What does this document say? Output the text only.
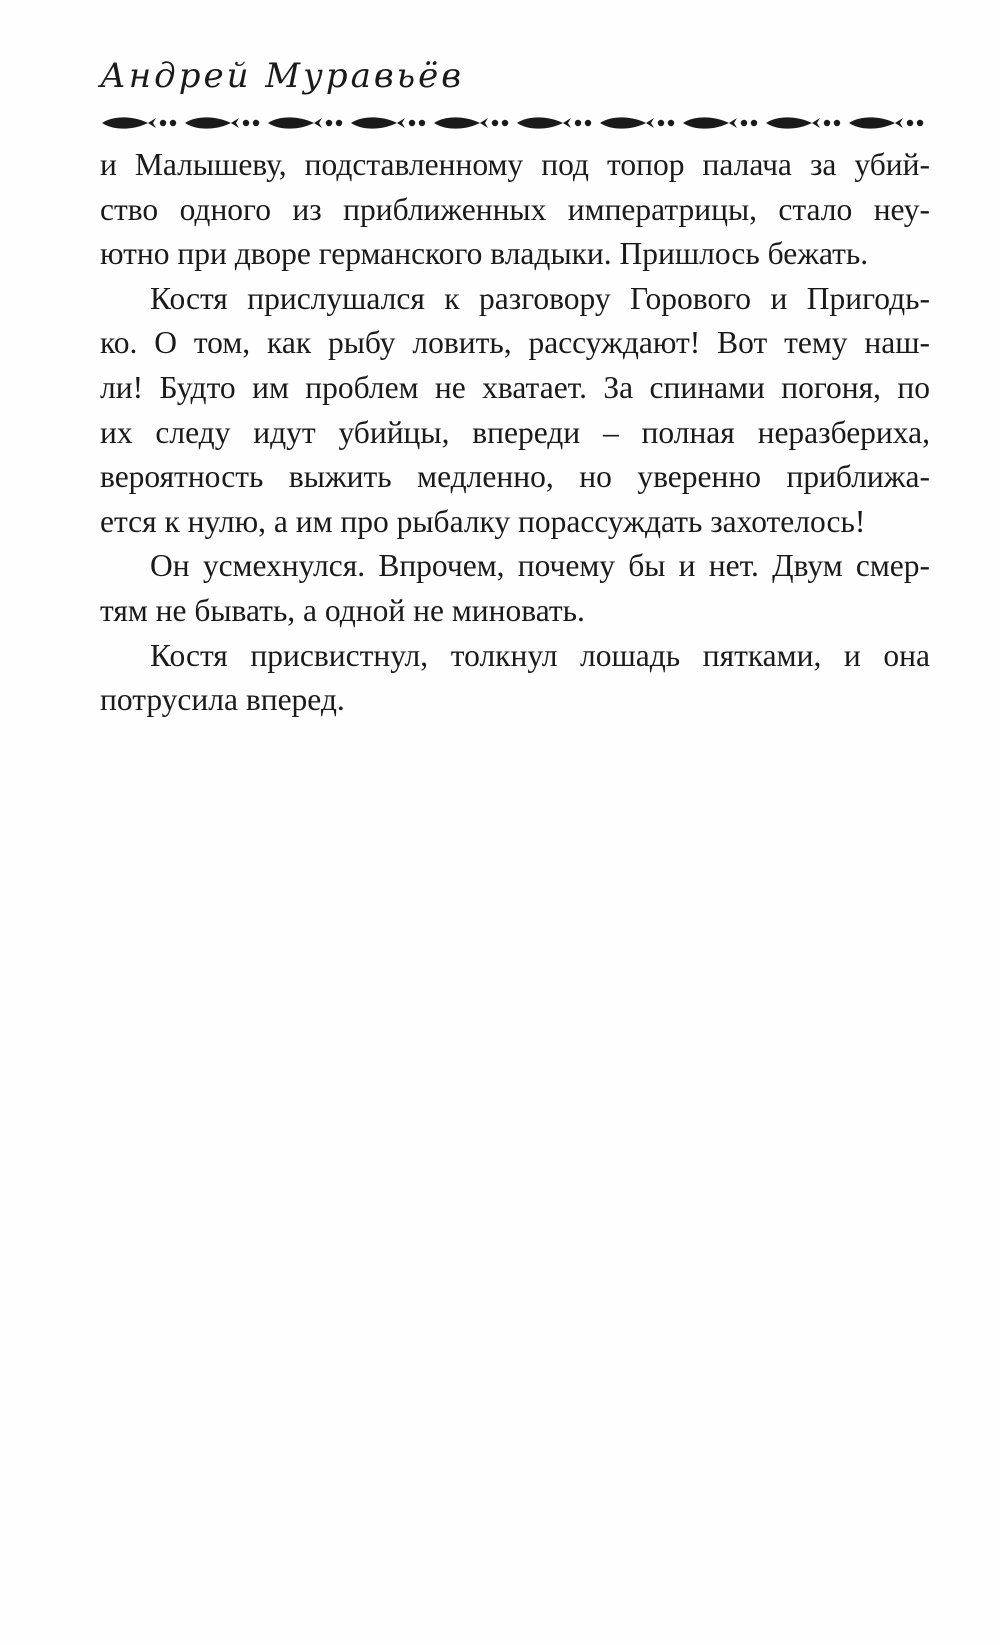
Андрей Муравьёв
и Малышеву, подставленному под топор палача за убий-
ство одного из приближенных императрицы, стало неу-
ютно при дворе германского владыки. Пришлось бежать.
Костя прислушался к разговору Горового и Пригодь-
ко. О том, как рыбу ловить, рассуждают! Вот тему наш-
ли! Будто им проблем не хватает. За спинами погоня, по
их следу идут убийцы, впереди – полная неразбериха,
вероятность выжить медленно, но уверенно приближа-
ется к нулю, а им про рыбалку порассуждать захотелось!
Он усмехнулся. Впрочем, почему бы и нет. Двум смер-
тям не бывать, а одной не миновать.
Костя присвистнул, толкнул лошадь пятками, и она
потрусила вперед.
